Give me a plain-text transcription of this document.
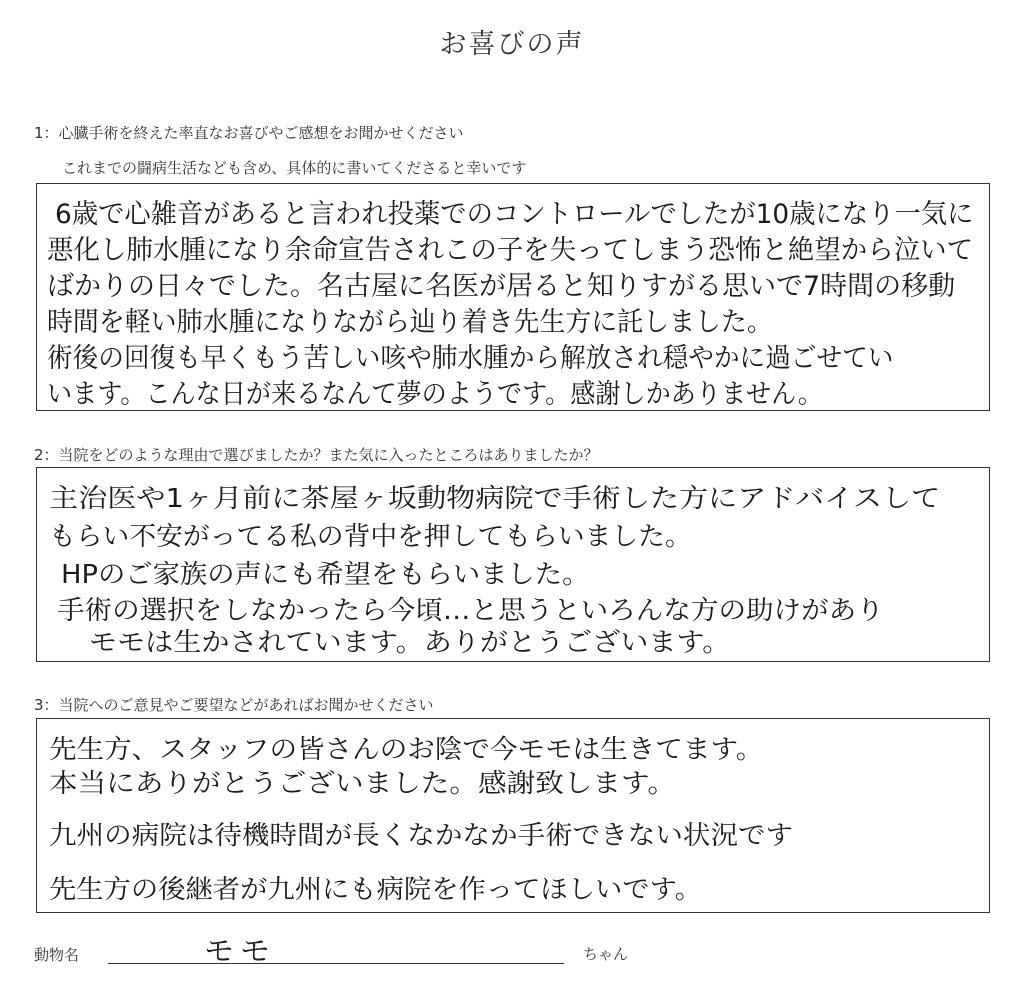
お喜びの声
1：心臓手術を終えた率直なお喜びやご感想をお聞かせください
これまでの闘病生活なども含め、具体的に書いてくださると幸いです
6歳で心雑音があると言われ投薬でのコントロールでしたが10歳になり一気に
悪化し肺水腫になり余命宣告されこの子を失ってしまう恐怖と絶望から泣いて
ばかりの日々でした。名古屋に名医が居ると知りすがる思いで7時間の移動
時間を軽い肺水腫になりながら辿り着き先生方に託しました。
術後の回復も早くもう苦しい咳や肺水腫から解放され穏やかに過ごせてい
います。こんな日が来るなんて夢のようです。感謝しかありません。
2：当院をどのような理由で選びましたか？また気に入ったところはありましたか？
主治医や1ヶ月前に茶屋ヶ坂動物病院で手術した方にアドバイスして
もらい不安がってる私の背中を押してもらいました。
HPのご家族の声にも希望をもらいました。
手術の選択をしなかったら今頃…と思うといろんな方の助けがあり
モモは生かされています。ありがとうございます。
3：当院へのご意見やご要望などがあればお聞かせください
先生方、スタッフの皆さんのお陰で今モモは生きてます。
本当にありがとうございました。感謝致します。
九州の病院は待機時間が長くなかなか手術できない状況です
先生方の後継者が九州にも病院を作ってほしいです。
動物名	モモ	ちゃん
